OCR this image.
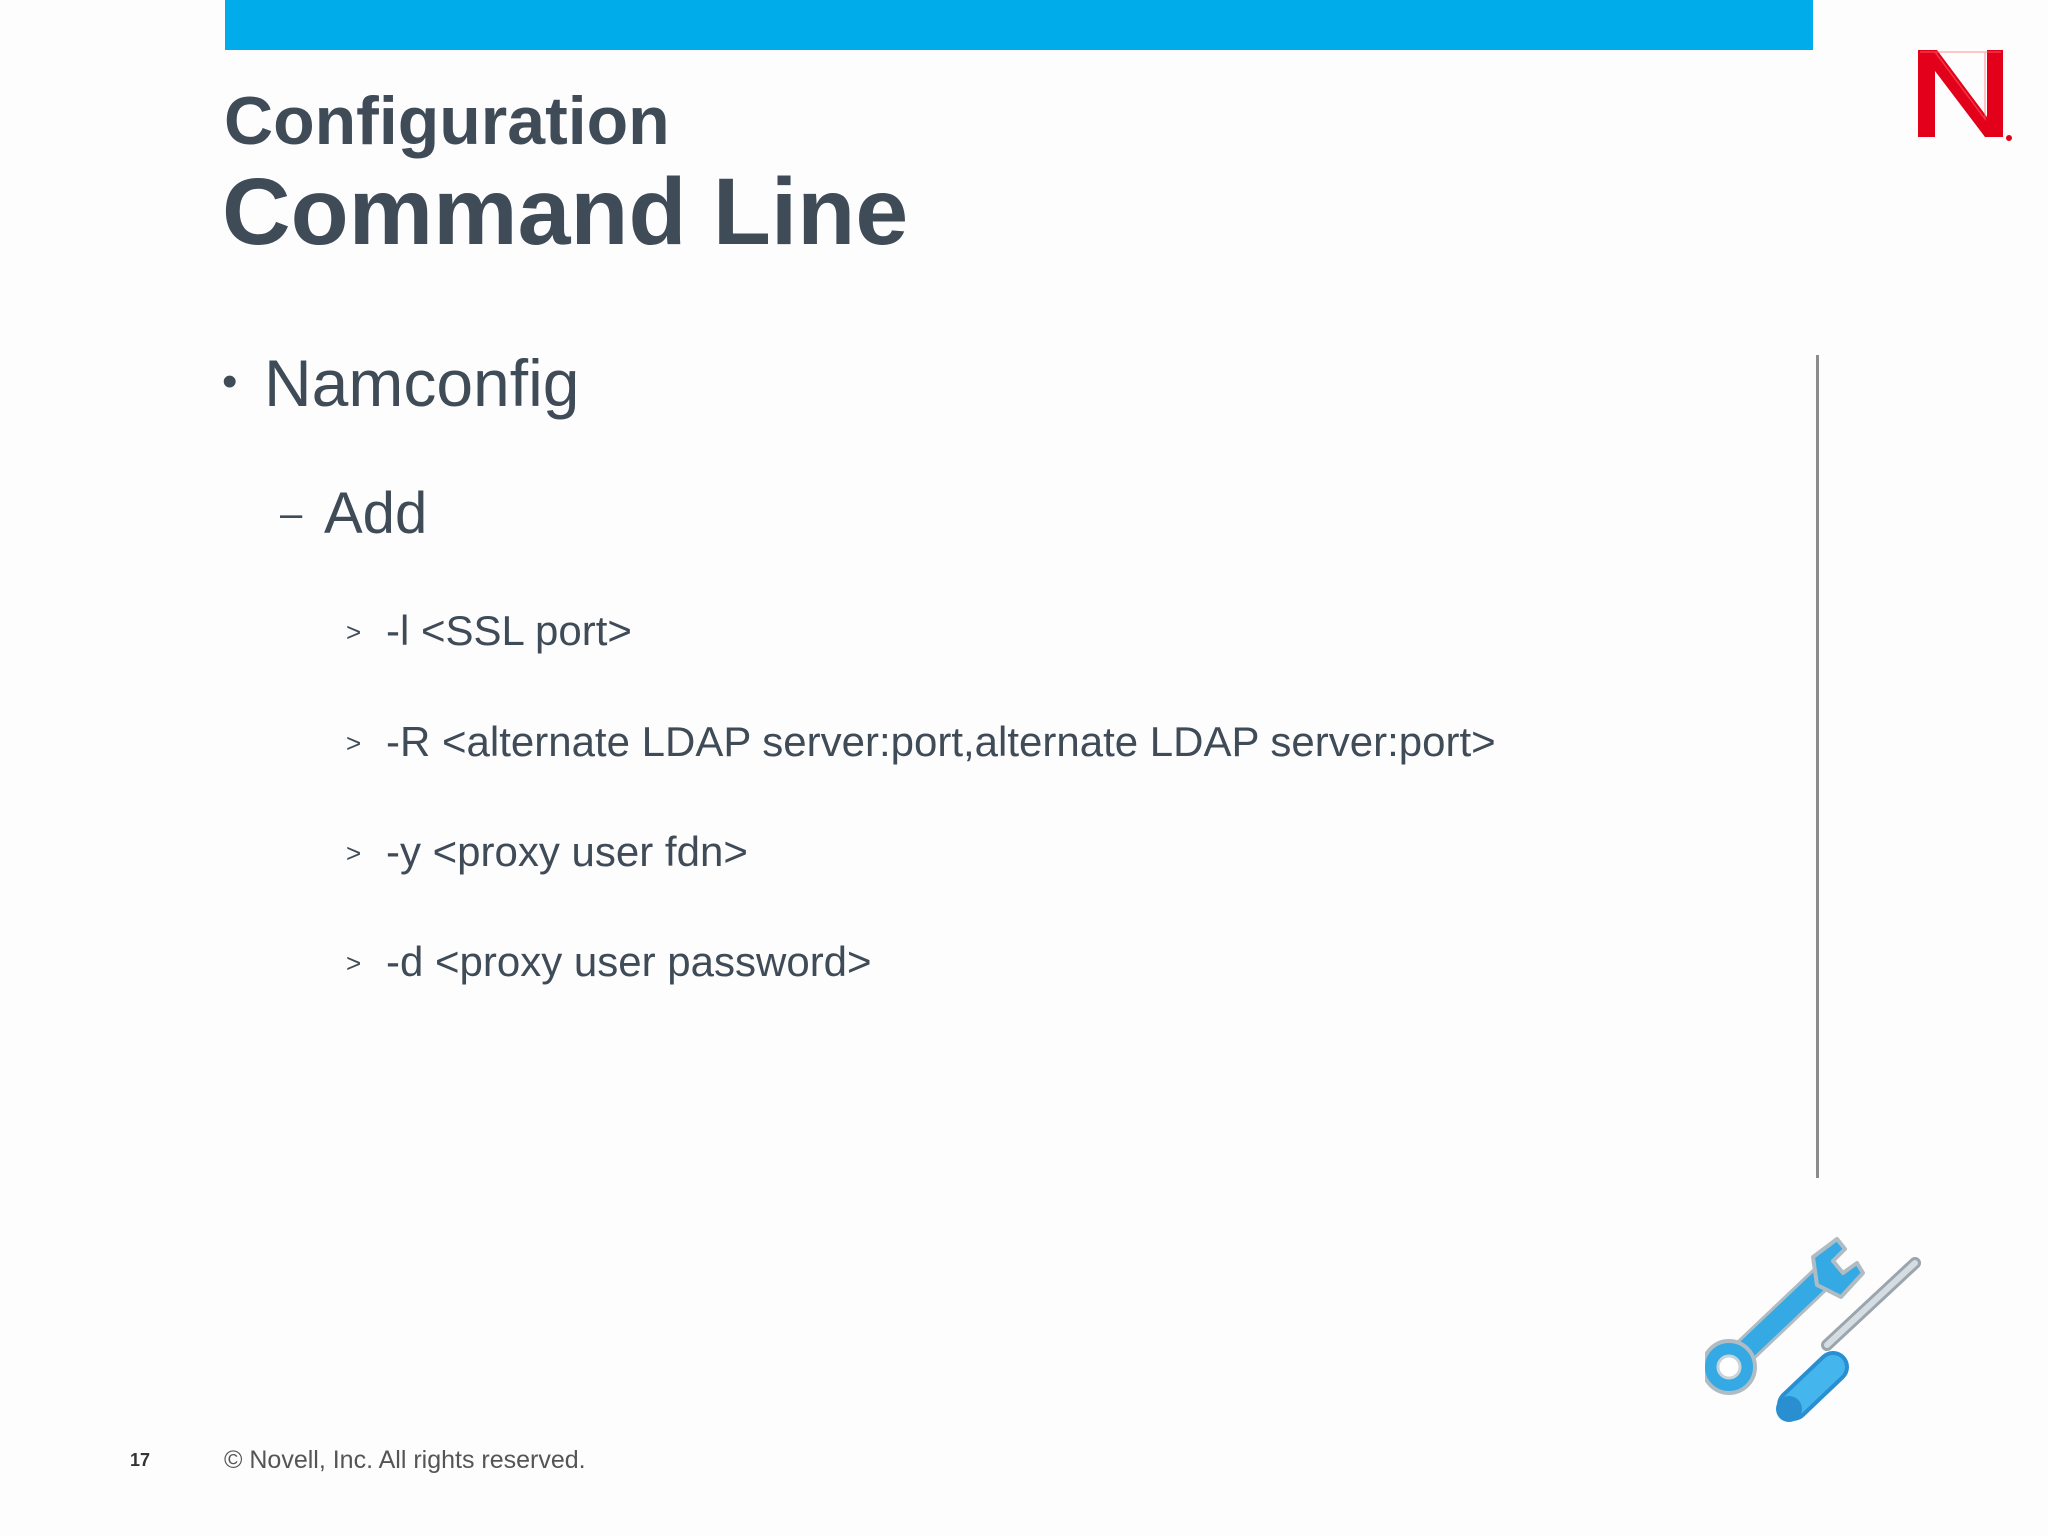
Configuration
Command Line
• Namconfig
– Add
> -l <SSL port>
> -R <alternate LDAP server:port,alternate LDAP server:port>
> -y <proxy user fdn>
> -d <proxy user password>
17	© Novell, Inc. All rights reserved.
